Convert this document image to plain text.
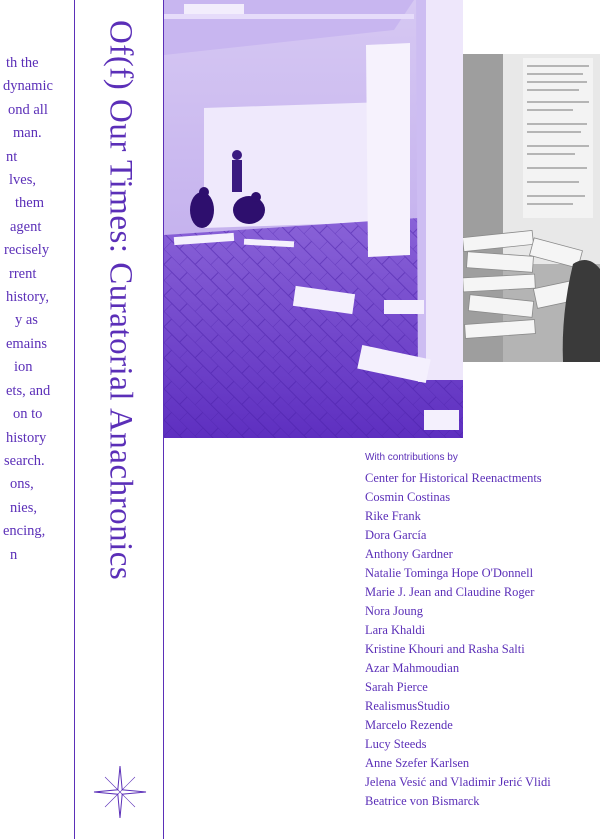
th the
dynamic
ond all
man.
nt
lves,
them
agent
recisely
rrent
history,
y as
emains
ion
ets, and
on to
history
search.
ons,
nies,
encing,
n	Of(f) Our Times: Curatorial Anachronics	With contributions by

Center for Historical Reenactments

Cosmin Costinas

Rike Frank

Dora García

Anthony Gardner

Natalie Tominga Hope O'Donnell

Marie J. Jean and Claudine Roger

Nora Joung

Lara Khaldi

Kristine Khouri and Rasha Salti

Azar Mahmoudian

Sarah Pierce

RealismusStudio

Marcelo Rezende

Lucy Steeds

Anne Szefer Karlsen

Jelena Vesić and Vladimir Jerić Vlidi

Beatrice von Bismarck
